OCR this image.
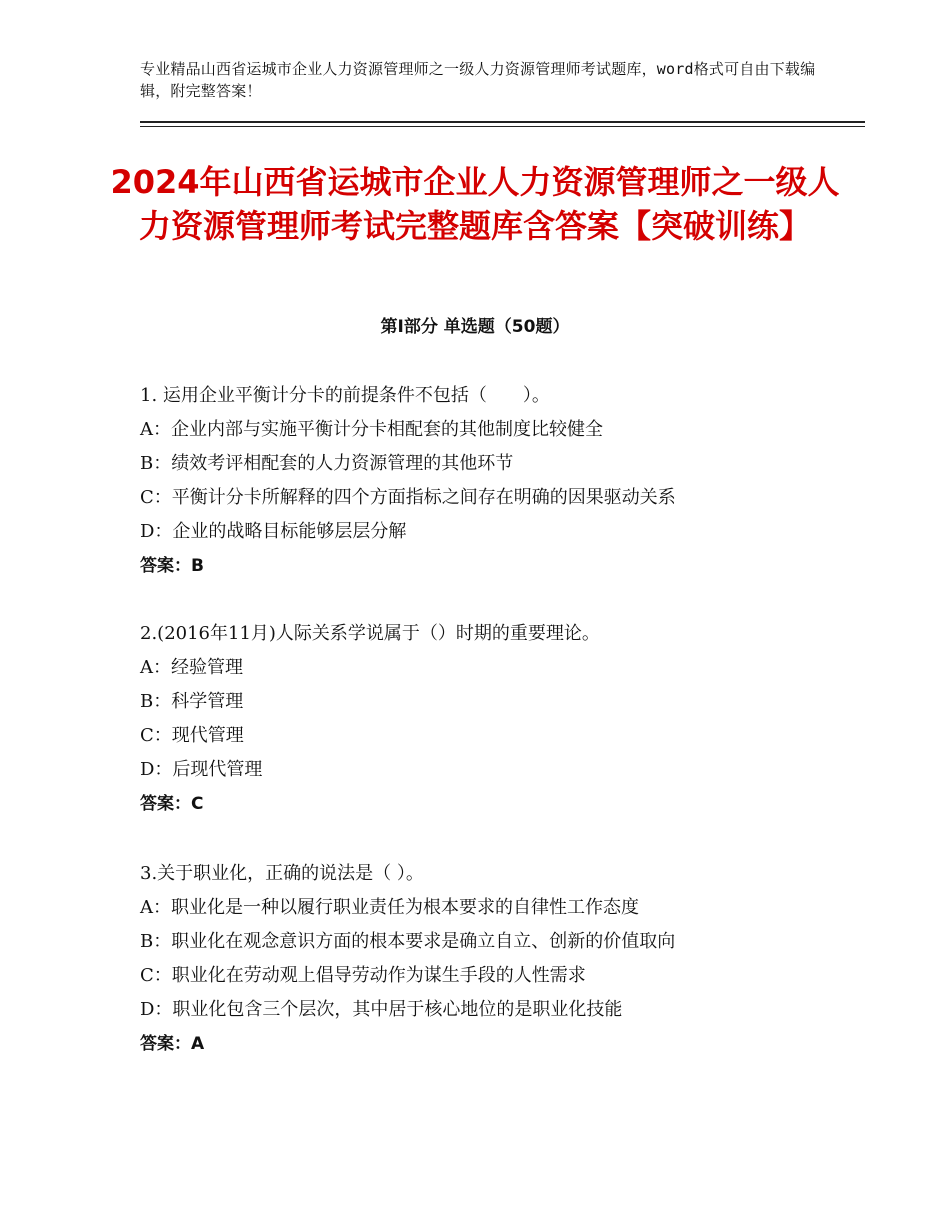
专业精品山西省运城市企业人力资源管理师之一级人力资源管理师考试题库，word格式可自由下载编辑，附完整答案！
2024年山西省运城市企业人力资源管理师之一级人力资源管理师考试完整题库含答案【突破训练】
第Ⅰ部分 单选题（50题）
1. 运用企业平衡计分卡的前提条件不包括（　　）。
A：企业内部与实施平衡计分卡相配套的其他制度比较健全
B：绩效考评相配套的人力资源管理的其他环节
C：平衡计分卡所解释的四个方面指标之间存在明确的因果驱动关系
D：企业的战略目标能够层层分解
答案：B
2.(2016年11月)人际关系学说属于（）时期的重要理论。
A：经验管理
B：科学管理
C：现代管理
D：后现代管理
答案：C
3.关于职业化，正确的说法是（ ）。
A：职业化是一种以履行职业责任为根本要求的自律性工作态度
B：职业化在观念意识方面的根本要求是确立自立、创新的价值取向
C：职业化在劳动观上倡导劳动作为谋生手段的人性需求
D：职业化包含三个层次，其中居于核心地位的是职业化技能
答案：A
